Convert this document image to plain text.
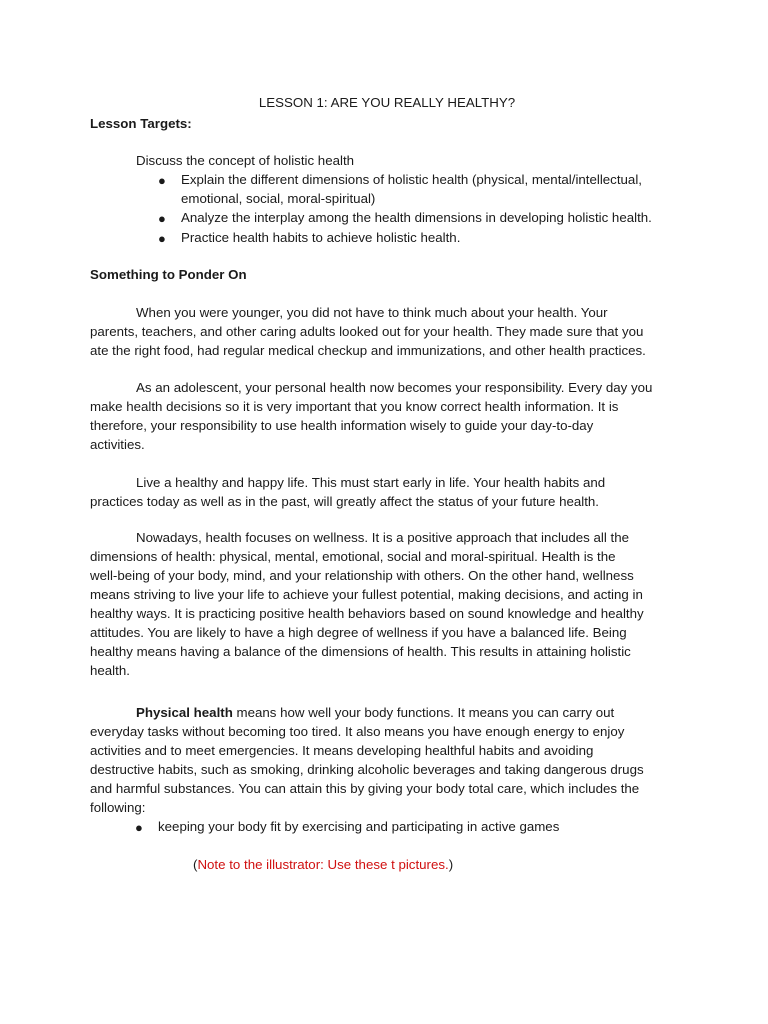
LESSON 1: ARE YOU REALLY HEALTHY?
Lesson Targets:
Discuss the concept of holistic health
● Explain the different dimensions of holistic health (physical, mental/intellectual,
emotional, social, moral-spiritual)
● Analyze the interplay among the health dimensions in developing holistic health.
● Practice health habits to achieve holistic health.
Something to Ponder On
When you were younger, you did not have to think much about your health. Your
parents, teachers, and other caring adults looked out for your health. They made sure that you
ate the right food, had regular medical checkup and immunizations, and other health practices.
As an adolescent, your personal health now becomes your responsibility. Every day you
make health decisions so it is very important that you know correct health information. It is
therefore, your responsibility to use health information wisely to guide your day-to-day
activities.
Live a healthy and happy life. This must start early in life. Your health habits and
practices today as well as in the past, will greatly affect the status of your future health.
Nowadays, health focuses on wellness. It is a positive approach that includes all the
dimensions of health: physical, mental, emotional, social and moral-spiritual. Health is the
well-being of your body, mind, and your relationship with others. On the other hand, wellness
means striving to live your life to achieve your fullest potential, making decisions, and acting in
healthy ways. It is practicing positive health behaviors based on sound knowledge and healthy
attitudes. You are likely to have a high degree of wellness if you have a balanced life. Being
healthy means having a balance of the dimensions of health. This results in attaining holistic
health.
Physical health means how well your body functions. It means you can carry out
everyday tasks without becoming too tired. It also means you have enough energy to enjoy
activities and to meet emergencies. It means developing healthful habits and avoiding
destructive habits, such as smoking, drinking alcoholic beverages and taking dangerous drugs
and harmful substances. You can attain this by giving your body total care, which includes the
following:
● keeping your body fit by exercising and participating in active games
(Note to the illustrator: Use these t pictures.)
